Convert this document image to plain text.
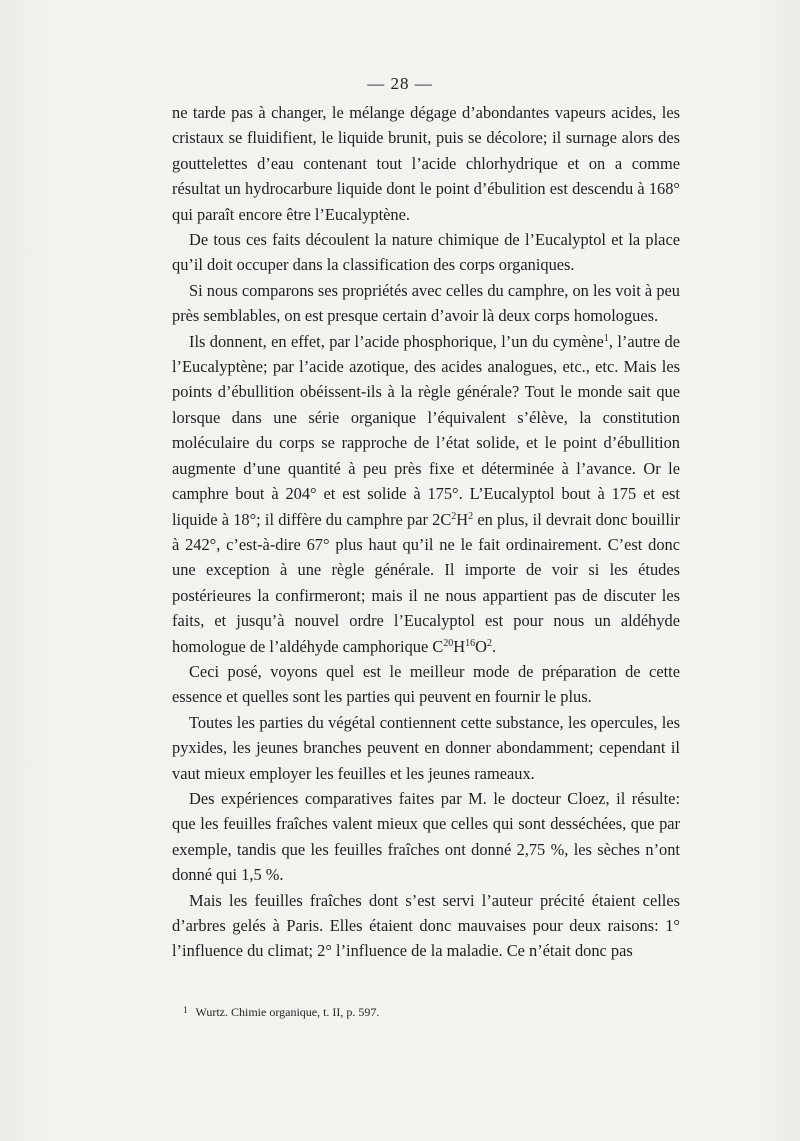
— 28 —

ne tarde pas à changer, le mélange dégage d’abondantes vapeurs acides, les cristaux se fluidifient, le liquide brunit, puis se décolore; il surnage alors des gouttelettes d’eau contenant tout l’acide chlorhydrique et on a comme résultat un hydrocarbure liquide dont le point d’ébulition est descendu à 168° qui paraît encore être l’Eucalyptène.

De tous ces faits découlent la nature chimique de l’Eucalyptol et la place qu’il doit occuper dans la classification des corps organiques.

Si nous comparons ses propriétés avec celles du camphre, on les voit à peu près semblables, on est presque certain d’avoir là deux corps homologues.

Ils donnent, en effet, par l’acide phosphorique, l’un du cymène$^1$, l’autre de l’Eucalyptène; par l’acide azotique, des acides analogues, etc., etc. Mais les points d’ébullition obéissent-ils à la règle générale? Tout le monde sait que lorsque dans une série organique l’équivalent s’élève, la constitution moléculaire du corps se rapproche de l’état solide, et le point d’ébullition augmente d’une quantité à peu près fixe et déterminée à l’avance. Or le camphre bout à 204° et est solide à 175°. L’Eucalyptol bout à 175 et est liquide à 18°; il diffère du camphre par $2C^2H^2$ en plus, il devrait donc bouillir à 242°, c’est-à-dire 67° plus haut qu’il ne le fait ordinairement. C’est donc une exception à une règle générale. Il importe de voir si les études postérieures la confirmeront; mais il ne nous appartient pas de discuter les faits, et jusqu’à nouvel ordre l’Eucalyptol est pour nous un aldéhyde homologue de l’aldéhyde camphorique $C^{20}H^{16}O^2$.

Ceci posé, voyons quel est le meilleur mode de préparation de cette essence et quelles sont les parties qui peuvent en fournir le plus.

Toutes les parties du végétal contiennent cette substance, les opercules, les pyxides, les jeunes branches peuvent en donner abondamment; cependant il vaut mieux employer les feuilles et les jeunes rameaux.

Des expériences comparatives faites par M. le docteur Cloez, il résulte: que les feuilles fraîches valent mieux que celles qui sont desséchées, que par exemple, tandis que les feuilles fraîches ont donné 2,75 %, les sèches n’ont donné qui 1,5 %.

Mais les feuilles fraîches dont s’est servi l’auteur précité étaient celles d’arbres gelés à Paris. Elles étaient donc mauvaises pour deux raisons: 1° l’influence du climat; 2° l’influence de la maladie. Ce n’était donc pas

$^1$ Wurtz. Chimie organique, t. II, p. 597.
